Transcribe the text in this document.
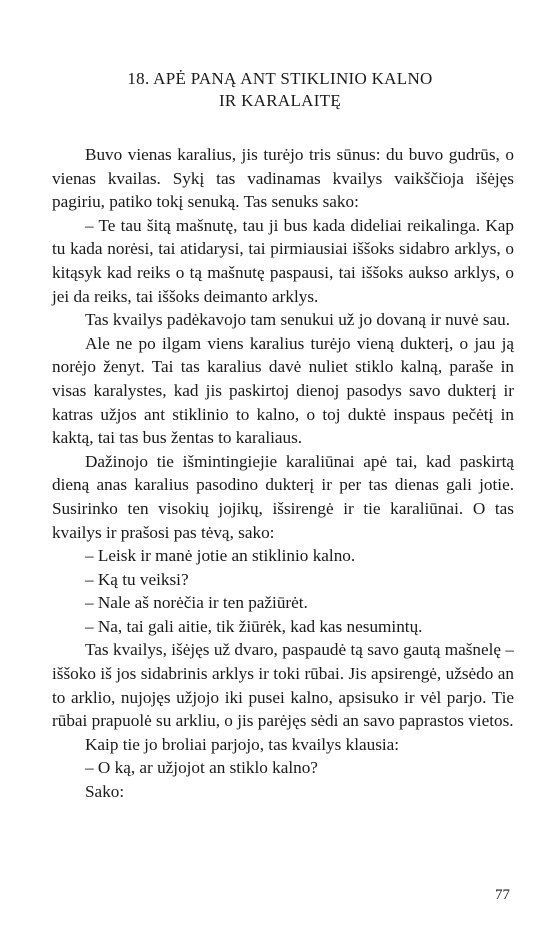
18. APĖ PANĄ ANT STIKLINIO KALNO
IR KARALAITĘ

Buvo vienas karalius, jis turėjo tris sūnus: du buvo gudrūs, o vienas kvailas. Sykį tas vadinamas kvailys vaikščioja išėjęs pagiriu, patiko tokį senuką. Tas senuks sako:

– Te tau šitą mašnutę, tau ji bus kada dideliai reikalinga. Kap tu kada norėsi, tai atidarysi, tai pirmiausiai iššoks sidabro arklys, o kitąsyk kad reiks o tą mašnutę paspausi, tai iššoks aukso arklys, o jei da reiks, tai iššoks deimanto arklys.

Tas kvailys padėkavojo tam senukui už jo dovaną ir nuvė sau.

Ale ne po ilgam viens karalius turėjo vieną dukterį, o jau ją norėjo ženyt. Tai tas karalius davė nuliet stiklo kalną, paraše in visas karalystes, kad jis paskirtoj dienoj pasodys savo dukterį ir katras užjos ant stiklinio to kalno, o toj duktė inspaus pečėtį in kaktą, tai tas bus žentas to karaliaus.

Dažinojo tie išmintingiejie karaliūnai apė tai, kad paskirtą dieną anas karalius pasodino dukterį ir per tas dienas gali jotie. Susirinko ten visokių jojikų, išsirengė ir tie karaliūnai. O tas kvailys ir prašosi pas tėvą, sako:

– Leisk ir manė jotie an stiklinio kalno.

– Ką tu veiksi?

– Nale aš norėčia ir ten pažiūrėt.

– Na, tai gali aitie, tik žiūrėk, kad kas nesumintų.

Tas kvailys, išėjęs už dvaro, paspaudė tą savo gautą mašnelę – iššoko iš jos sidabrinis arklys ir toki rūbai. Jis apsirengė, užsėdo an to arklio, nujojęs užjojo iki pusei kalno, apsisuko ir vėl parjo. Tie rūbai prapuolė su arkliu, o jis parėjęs sėdi an savo paprastos vietos.

Kaip tie jo broliai parjojo, tas kvailys klausia:

– O ką, ar užjojot an stiklo kalno?

Sako:

77
